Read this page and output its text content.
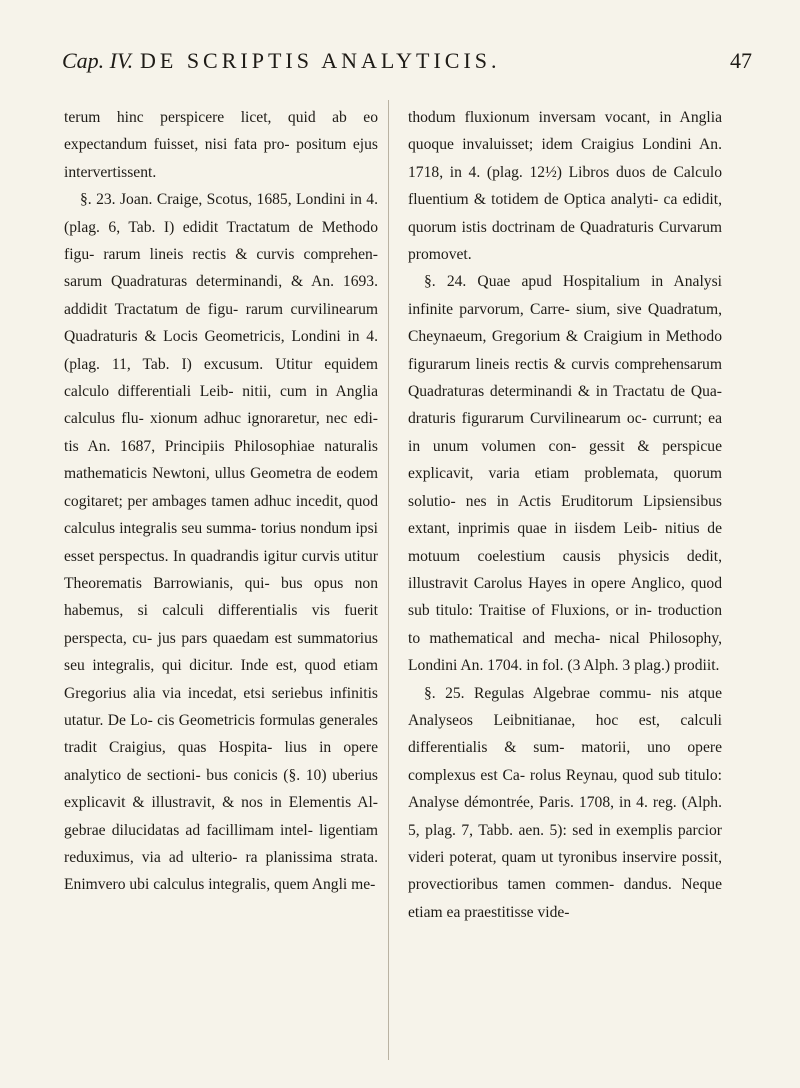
Cap. IV. DE SCRIPTIS ANALYTICIS.	47

terum hinc perspicere licet, quid ab eo expectandum fuisset, nisi fata pro- positum ejus intervertissent.

§. 23. Joan. Craige, Scotus, 1685, Londini in 4. (plag. 6, Tab. I) edidit Tractatum de Methodo figu- rarum lineis rectis & curvis comprehen- sarum Quadraturas determinandi, & An. 1693. addidit Tractatum de figu- rarum curvilinearum Quadraturis & Locis Geometricis, Londini in 4. (plag. 11, Tab. I) excusum. Utitur equidem calculo differentiali Leib- nitii, cum in Anglia calculus flu- xionum adhuc ignoraretur, nec edi- tis An. 1687, Principiis Philosophiae naturalis mathematicis Newtoni, ullus Geometra de eodem cogitaret; per ambages tamen adhuc incedit, quod calculus integralis seu summa- torius nondum ipsi esset perspectus. In quadrandis igitur curvis utitur Theorematis Barrowianis, qui- bus opus non habemus, si calculi differentialis vis fuerit perspecta, cu- jus pars quaedam est summatorius seu integralis, qui dicitur. Inde est, quod etiam Gregorius alia via incedat, etsi seriebus infinitis utatur. De Lo- cis Geometricis formulas generales tradit Craigius, quas Hospita- lius in opere analytico de sectioni- bus conicis (§. 10) uberius explicavit & illustravit, & nos in Elementis Al- gebrae dilucidatas ad facillimam intel- ligentiam reduximus, via ad ulterio- ra planissima strata. Enimvero ubi calculus integralis, quem Angli me-

thodum fluxionum inversam vocant, in Anglia quoque invaluisset; idem Craigius Londini An. 1718, in 4. (plag. 12½) Libros duos de Calculo fluentium & totidem de Optica analyti- ca edidit, quorum istis doctrinam de Quadraturis Curvarum promovet.

§. 24. Quae apud Hospitalium in Analysi infinite parvorum, Carre- sium, sive Quadratum, Cheynaeum, Gregorium & Craigium in Methodo figurarum lineis rectis & curvis comprehensarum Quadraturas determinandi & in Tractatu de Qua- draturis figurarum Curvilinearum oc- currunt; ea in unum volumen con- gessit & perspicue explicavit, varia etiam problemata, quorum solutio- nes in Actis Eruditorum Lipsiensibus extant, inprimis quae in iisdem Leib- nitius de motuum coelestium causis physicis dedit, illustravit Carolus Hayes in opere Anglico, quod sub titulo: Traitise of Fluxions, or in- troduction to mathematical and mecha- nical Philosophy, Londini An. 1704. in fol. (3 Alph. 3 plag.) prodiit.

§. 25. Regulas Algebrae commu- nis atque Analyseos Leibnitianae, hoc est, calculi differentialis & sum- matorii, uno opere complexus est Ca- rolus Reynau, quod sub titulo: Analyse démontrée, Paris. 1708, in 4. reg. (Alph. 5, plag. 7, Tabb. aen. 5): sed in exemplis parcior videri poterat, quam ut tyronibus inservire possit, provectioribus tamen commen- dandus. Neque etiam ea praestitisse vide-
